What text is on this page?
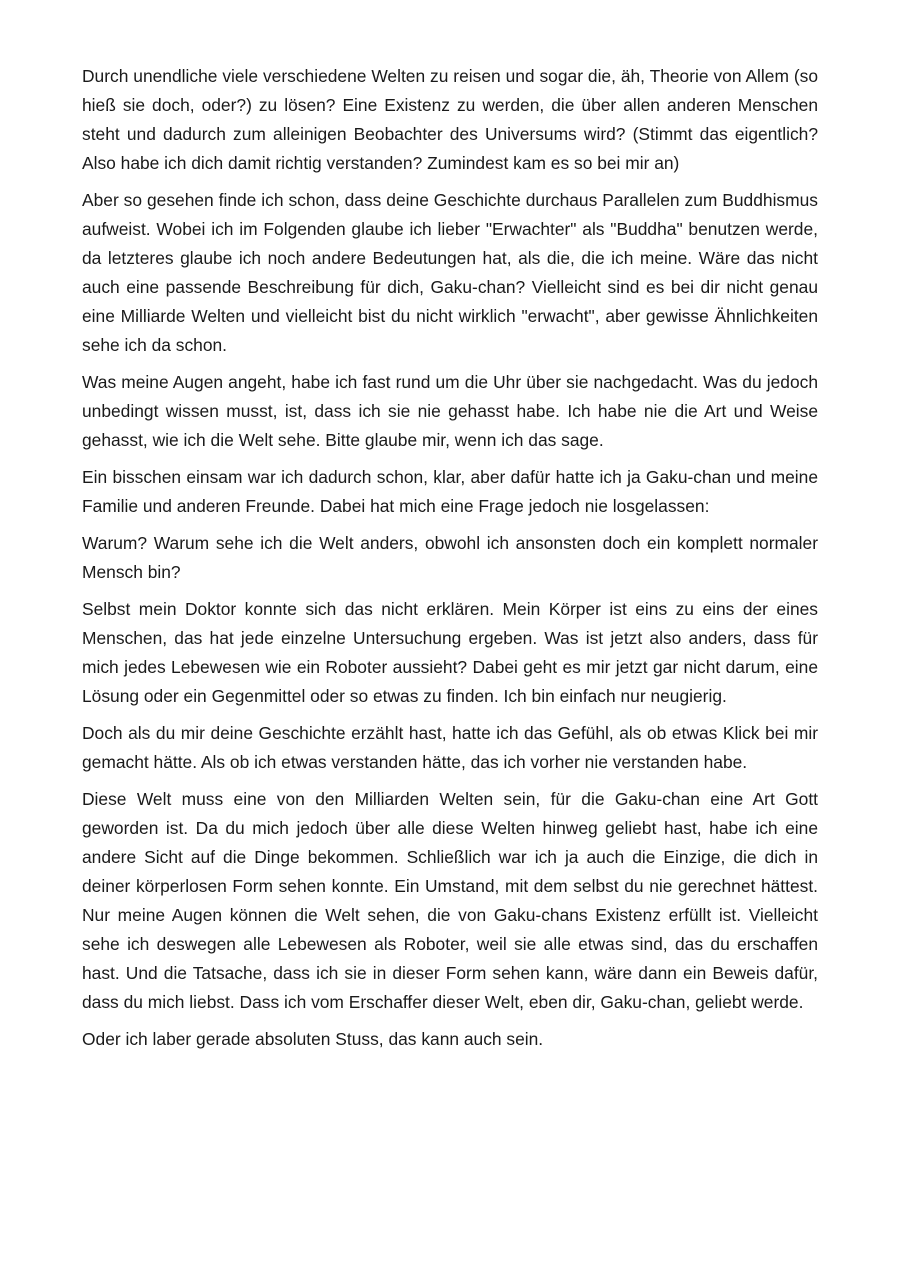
Durch unendliche viele verschiedene Welten zu reisen und sogar die, äh, Theorie von Allem (so hieß sie doch, oder?) zu lösen? Eine Existenz zu werden, die über allen anderen Menschen steht und dadurch zum alleinigen Beobachter des Universums wird? (Stimmt das eigentlich? Also habe ich dich damit richtig verstanden? Zumindest kam es so bei mir an)

Aber so gesehen finde ich schon, dass deine Geschichte durchaus Parallelen zum Buddhismus aufweist. Wobei ich im Folgenden glaube ich lieber "Erwachter" als "Buddha" benutzen werde, da letzteres glaube ich noch andere Bedeutungen hat, als die, die ich meine. Wäre das nicht auch eine passende Beschreibung für dich, Gaku-chan? Vielleicht sind es bei dir nicht genau eine Milliarde Welten und vielleicht bist du nicht wirklich "erwacht", aber gewisse Ähnlichkeiten sehe ich da schon.

Was meine Augen angeht, habe ich fast rund um die Uhr über sie nachgedacht. Was du jedoch unbedingt wissen musst, ist, dass ich sie nie gehasst habe. Ich habe nie die Art und Weise gehasst, wie ich die Welt sehe. Bitte glaube mir, wenn ich das sage.

Ein bisschen einsam war ich dadurch schon, klar, aber dafür hatte ich ja Gaku-chan und meine Familie und anderen Freunde. Dabei hat mich eine Frage jedoch nie losgelassen:

Warum? Warum sehe ich die Welt anders, obwohl ich ansonsten doch ein komplett normaler Mensch bin?

Selbst mein Doktor konnte sich das nicht erklären. Mein Körper ist eins zu eins der eines Menschen, das hat jede einzelne Untersuchung ergeben. Was ist jetzt also anders, dass für mich jedes Lebewesen wie ein Roboter aussieht? Dabei geht es mir jetzt gar nicht darum, eine Lösung oder ein Gegenmittel oder so etwas zu finden. Ich bin einfach nur neugierig.

Doch als du mir deine Geschichte erzählt hast, hatte ich das Gefühl, als ob etwas Klick bei mir gemacht hätte. Als ob ich etwas verstanden hätte, das ich vorher nie verstanden habe.

Diese Welt muss eine von den Milliarden Welten sein, für die Gaku-chan eine Art Gott geworden ist. Da du mich jedoch über alle diese Welten hinweg geliebt hast, habe ich eine andere Sicht auf die Dinge bekommen. Schließlich war ich ja auch die Einzige, die dich in deiner körperlosen Form sehen konnte. Ein Umstand, mit dem selbst du nie gerechnet hättest. Nur meine Augen können die Welt sehen, die von Gaku-chans Existenz erfüllt ist. Vielleicht sehe ich deswegen alle Lebewesen als Roboter, weil sie alle etwas sind, das du erschaffen hast. Und die Tatsache, dass ich sie in dieser Form sehen kann, wäre dann ein Beweis dafür, dass du mich liebst. Dass ich vom Erschaffer dieser Welt, eben dir, Gaku-chan, geliebt werde.

Oder ich laber gerade absoluten Stuss, das kann auch sein.
